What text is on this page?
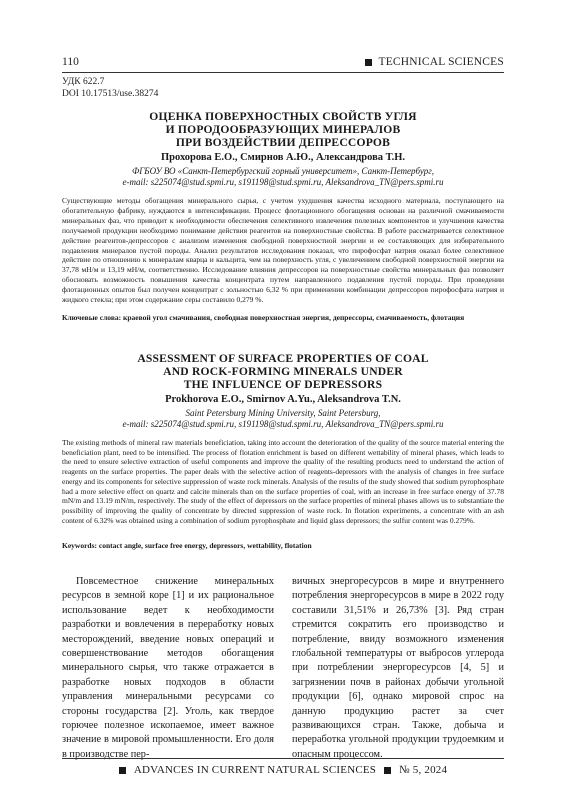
110	TECHNICAL SCIENCES
УДК 622.7
DOI 10.17513/use.38274
ОЦЕНКА ПОВЕРХНОСТНЫХ СВОЙСТВ УГЛЯ
И ПОРОДООБРАЗУЮЩИХ МИНЕРАЛОВ
ПРИ ВОЗДЕЙСТВИИ ДЕПРЕССОРОВ
Прохорова Е.О., Смирнов А.Ю., Александрова Т.Н.
ФГБОУ ВО «Санкт-Петербургский горный университет», Санкт-Петербург,
e-mail: s225074@stud.spmi.ru, s191198@stud.spmi.ru, Aleksandrova_TN@pers.spmi.ru

Существующие методы обогащения минерального сырья, с учетом ухудшения качества исходного материала, поступающего на обогатительную фабрику, нуждаются в интенсификации. Процесс флотационного обогащения основан на различной смачиваемости минеральных фаз, что приводит к необходимости обеспечения селективного извлечения полезных компонентов и улучшения качества получаемой продукции необходимо понимание действия реагентов на поверхностные свойства. В работе рассматривается селективное действие реагентов-депрессоров с анализом изменения свободной поверхностной энергии и ее составляющих для избирательного подавления минералов пустой породы. Анализ результатов исследования показал, что пирофосфат натрия оказал более селективное действие по отношению к минералам кварца и кальцита, чем на поверхность угля, с увеличением свободной поверхностной энергии на 37,78 мН/м и 13,19 мН/м, соответственно. Исследование влияния депрессоров на поверхностные свойства минеральных фаз позволяет обосновать возможность повышения качества концентрата путем направленного подавления пустой породы. При проведении флотационных опытов был получен концентрат с зольностью 6,32 % при применении комбинации депрессоров пирофосфата натрия и жидкого стекла; при этом содержание серы составило 0,279 %.

Ключевые слова: краевой угол смачивания, свободная поверхностная энергия, депрессоры, смачиваемость, флотация

ASSESSMENT OF SURFACE PROPERTIES OF COAL
AND ROCK-FORMING MINERALS UNDER
THE INFLUENCE OF DEPRESSORS
Prokhorova E.O., Smirnov A.Yu., Aleksandrova T.N.
Saint Petersburg Mining University, Saint Petersburg,
e-mail: s225074@stud.spmi.ru, s191198@stud.spmi.ru, Aleksandrova_TN@pers.spmi.ru

The existing methods of mineral raw materials beneficiation, taking into account the deterioration of the quality of the source material entering the beneficiation plant, need to be intensified. The process of flotation enrichment is based on different wettability of mineral phases, which leads to the need to ensure selective extraction of useful components and improve the quality of the resulting products need to understand the action of reagents on the surface properties. The paper deals with the selective action of reagents-depressors with the analysis of changes in free surface energy and its components for selective suppression of waste rock minerals. Analysis of the results of the study showed that sodium pyrophosphate had a more selective effect on quartz and calcite minerals than on the surface properties of coal, with an increase in free surface energy of 37.78 mN/m and 13.19 mN/m, respectively. The study of the effect of depressors on the surface properties of mineral phases allows us to substantiate the possibility of improving the quality of concentrate by directed suppression of waste rock. In flotation experiments, a concentrate with an ash content of 6.32% was obtained using a combination of sodium pyrophosphate and liquid glass depressors; the sulfur content was 0.279%.

Keywords: contact angle, surface free energy, depressors, wettability, flotation

Повсеместное снижение минеральных ресурсов в земной коре [1] и их рациональное использование ведет к необходимости разработки и вовлечения в переработку новых месторождений, введение новых операций и совершенствование методов обогащения минерального сырья, что также отражается в разработке новых подходов в области управления минеральными ресурсами со стороны государства [2]. Уголь, как твердое горючее полезное ископаемое, имеет важное значение в мировой промышленности. Его доля в производстве пер-

вичных энергоресурсов в мире и внутреннего потребления энергоресурсов в мире в 2022 году составили 31,51% и 26,73% [3]. Ряд стран стремится сократить его производство и потребление, ввиду возможного изменения глобальной температуры от выбросов углерода при потреблении энергоресурсов [4, 5] и загрязнении почв в районах добычи угольной продукции [6], однако мировой спрос на данную продукцию растет за счет развивающихся стран. Также, добыча и переработка угольной продукции трудоемким и опасным процессом.

ADVANCES IN CURRENT NATURAL SCIENCES № 5, 2024
